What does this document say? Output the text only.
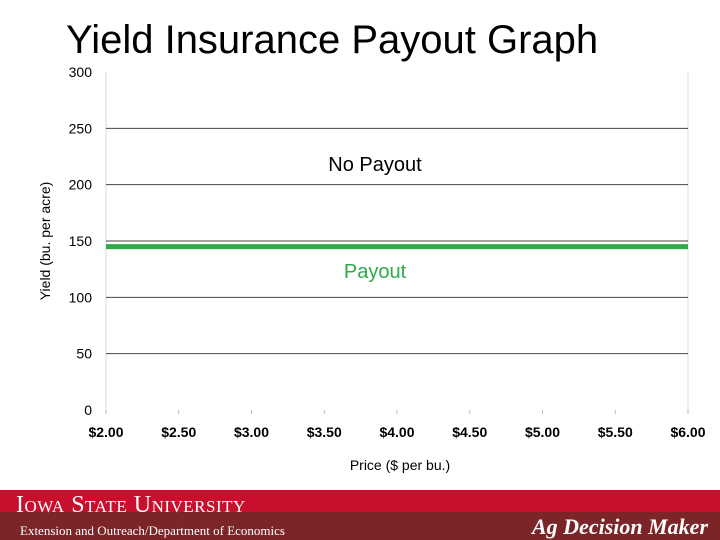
Yield Insurance Payout Graph
0
50
100
150
200
250
300
$2.00	$2.50	$3.00	$3.50	$4.00	$4.50	$5.00	$5.50	$6.00
No Payout
Payout
Price ($ per bu.)
Yield (bu. per acre)
Iowa State University
Extension and Outreach/Department of Economics	Ag Decision Maker
